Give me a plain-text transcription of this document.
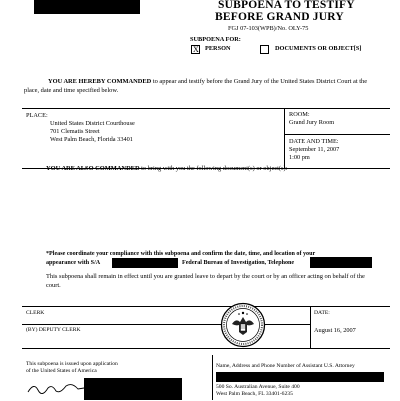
SUBPOENA TO TESTIFY
BEFORE GRAND JURY
FGJ 07-103(WPB)/No. OLY-75
SUBPOENA FOR:
X PERSON	DOCUMENTS OR OBJECT[S]
YOU ARE HEREBY COMMANDED to appear and testify before the Grand Jury of the United States District Court at the place, date and time specified below.
PLACE:
United States District Courthouse
701 Clematis Street
West Palm Beach, Florida 33401
ROOM:
Grand Jury Room
DATE AND TIME:
September 11, 2007
1:00 pm
YOU ARE ALSO COMMANDED to bring with you the following document(s) or object(s):
*Please coordinate your compliance with this subpoena and confirm the date, time, and location of your
appearance with S/A	Federal Bureau of Investigation, Telephone
This subpoena shall remain in effect until you are granted leave to depart by the court or by an officer acting on behalf of the court.
CLERK
(BY) DEPUTY CLERK
DATE:
August 16, 2007
This subpoena is issued upon application
of the United States of America
Name, Address and Phone Number of Assistant U.S. Attorney
500 So. Australian Avenue, Suite 400
West Palm Beach, FL 33401-6235
